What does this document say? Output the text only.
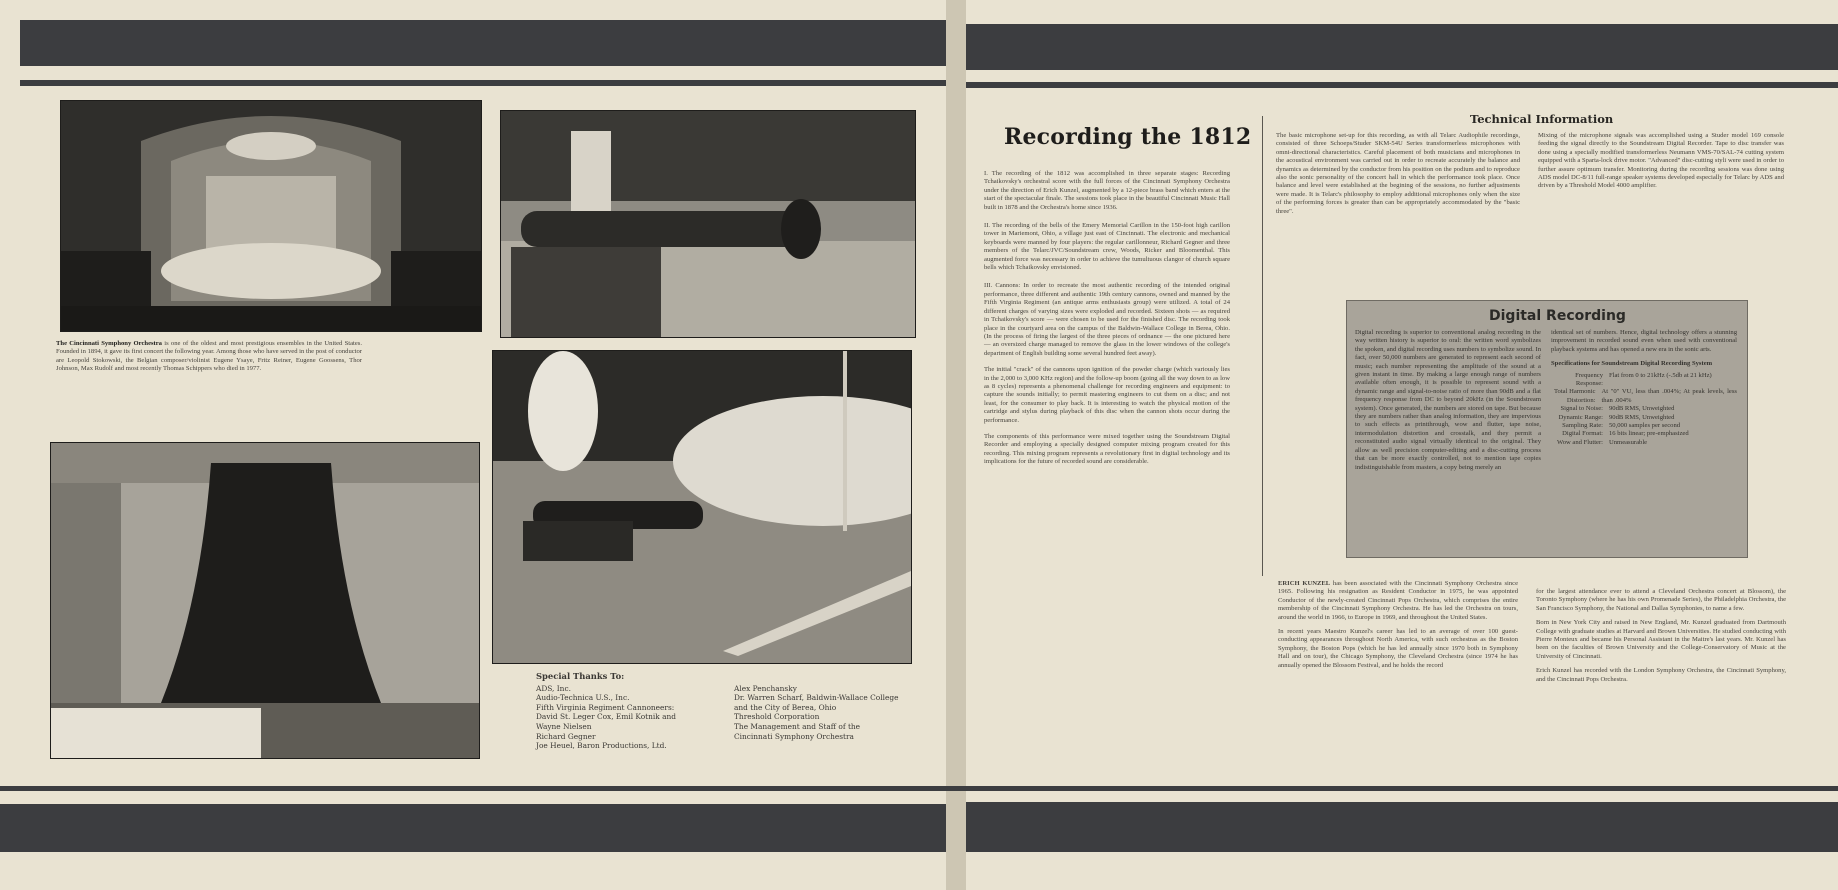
The Cincinnati Symphony Orchestra is one of the oldest and most prestigious ensembles in the United States. Founded in 1894, it gave its first concert the following year. Among those who have served in the post of conductor are Leopold Stokowski, the Belgian composer/violinist Eugene Ysaye, Fritz Reiner, Eugene Goossens, Thor Johnson, Max Rudolf and most recently Thomas Schippers who died in 1977.
Special Thanks To:
ADS, Inc.
Audio-Technica U.S., Inc.
Fifth Virginia Regiment Cannoneers:
David St. Leger Cox, Emil Kotnik and
Wayne Nielsen
Richard Gegner
Joe Heuel, Baron Productions, Ltd.
Alex Penchansky
Dr. Warren Scharf, Baldwin-Wallace College
and the City of Berea, Ohio
Threshold Corporation
The Management and Staff of the
Cincinnati Symphony Orchestra
Recording the 1812

I. The recording of the 1812 was accomplished in three separate stages: Recording Tchaikovsky's orchestral score with the full forces of the Cincinnati Symphony Orchestra under the direction of Erich Kunzel, augmented by a 12-piece brass band which enters at the start of the spectacular finale. The sessions took place in the beautiful Cincinnati Music Hall built in 1878 and the Orchestra's home since 1936.

II. The recording of the bells of the Emery Memorial Carillon in the 150-foot high carillon tower in Mariemont, Ohio, a village just east of Cincinnati. The electronic and mechanical keyboards were manned by four players: the regular carillonneur, Richard Gegner and three members of the Telarc/JVC/Soundstream crew, Woods, Ricker and Bloomenthal. This augmented force was necessary in order to achieve the tumultuous clangor of church square bells which Tchaikovsky envisioned.

III. Cannons: In order to recreate the most authentic recording of the intended original performance, three different and authentic 19th century cannons, owned and manned by the Fifth Virginia Regiment (an antique arms enthusiasts group) were utilized. A total of 24 different charges of varying sizes were exploded and recorded. Sixteen shots — as required in Tchaikovsky's score — were chosen to be used for the finished disc. The recording took place in the courtyard area on the campus of the Baldwin-Wallace College in Berea, Ohio. (In the process of firing the largest of the three pieces of ordnance — the one pictured here — an oversized charge managed to remove the glass in the lower windows of the college's department of English building some several hundred feet away).

The initial "crack" of the cannons upon ignition of the powder charge (which variously lies in the 2,000 to 3,000 KHz region) and the follow-up boom (going all the way down to as low as 8 cycles) represents a phenomenal challenge for recording engineers and equipment: to capture the sounds initially; to permit mastering engineers to cut them on a disc; and not least, for the consumer to play back. It is interesting to watch the physical motion of the cartridge and stylus during playback of this disc when the cannon shots occur during the performance.

The components of this performance were mixed together using the Soundstream Digital Recorder and employing a specially designed computer mixing program created for this recording. This mixing program represents a revolutionary first in digital technology and its implications for the future of recorded sound are considerable.

Technical Information
The basic microphone set-up for this recording, as with all Telarc Audiophile recordings, consisted of three Schoeps/Studer SKM-54U Series transformerless microphones with omni-directional characteristics. Careful placement of both musicians and microphones in the acoustical environment was carried out in order to recreate accurately the balance and dynamics as determined by the conductor from his position on the podium and to reproduce also the sonic personality of the concert hall in which the performance took place. Once balance and level were established at the begining of the sessions, no further adjustments were made. It is Telarc's philosophy to employ additional microphones only when the size of the performing forces is greater than can be appropriately accommodated by the "basic three".
Mixing of the microphone signals was accomplished using a Studer model 169 console feeding the signal directly to the Soundstream Digital Recorder. Tape to disc transfer was done using a specially modified transformerless Neumann VMS-70/SAL-74 cutting system equipped with a Sparta-lock drive motor. "Advanced" disc-cutting styli were used in order to further assure optimum transfer. Monitoring during the recording sessions was done using ADS model DC-8/11 full-range speaker systems developed especially for Telarc by ADS and driven by a Threshold Model 4000 amplifier.
Digital Recording
Digital recording is superior to conventional analog recording in the way written history is superior to oral: the written word symbolizes the spoken, and digital recording uses numbers to symbolize sound. In fact, over 50,000 numbers are generated to represent each second of music; each number representing the amplitude of the sound at a given instant in time. By making a large enough range of numbers available often enough, it is possible to represent sound with a dynamic range and signal-to-noise ratio of more than 90dB and a flat frequency response from DC to beyond 20kHz (in the Soundstream system). Once generated, the numbers are stored on tape. But because they are numbers rather than analog information, they are impervious to such effects as printthrough, wow and flutter, tape noise, intermodulation distortion and crosstalk, and they permit a reconstituted audio signal virtually identical to the original. They allow as well precision computer-editing and a disc-cutting process that can be more exactly controlled, not to mention tape copies indistinguishable from masters, a copy being merely an
identical set of numbers. Hence, digital technology offers a stunning improvement in recorded sound even when used with conventional playback systems and has opened a new era in the sonic arts.
Specifications for Soundstream Digital Recording System
Frequency Response:
Flat from 0 to 21kHz (-.5db at 21 kHz)
Total Harmonic Distortion:
At "0" VU, less than .004%; At peak levels, less than .004%
Signal to Noise: 90dB RMS, Unweighted
Dynamic Range: 90dB RMS, Unweighted
Sampling Rate: 50,000 samples per second
Digital Format: 16 bits linear; pre-emphasized
Wow and Flutter: Unmeasurable

ERICH KUNZEL has been associated with the Cincinnati Symphony Orchestra since 1965. Following his resignation as Resident Conductor in 1975, he was appointed Conductor of the newly-created Cincinnati Pops Orchestra, which comprises the entire membership of the Cincinnati Symphony Orchestra. He has led the Orchestra on tours, around the world in 1966, to Europe in 1969, and throughout the United States.

In recent years Maestro Kunzel's career has led to an average of over 100 guest-conducting appearances throughout North America, with such orchestras as the Boston Symphony, the Boston Pops (which he has led annually since 1970 both in Symphony Hall and on tour), the Chicago Symphony, the Cleveland Orchestra (since 1974 he has annually opened the Blossom Festival, and he holds the record

for the largest attendance ever to attend a Cleveland Orchestra concert at Blossom), the Toronto Symphony (where he has his own Promenade Series), the Philadelphia Orchestra, the San Francisco Symphony, the National and Dallas Symphonies, to name a few.

Born in New York City and raised in New England, Mr. Kunzel graduated from Dartmouth College with graduate studies at Harvard and Brown Universities. He studied conducting with Pierre Monteux and became his Personal Assistant in the Maitre's last years. Mr. Kunzel has been on the faculties of Brown University and the College-Conservatory of Music at the University of Cincinnati.

Erich Kunzel has recorded with the London Symphony Orchestra, the Cincinnati Symphony, and the Cincinnati Pops Orchestra.
